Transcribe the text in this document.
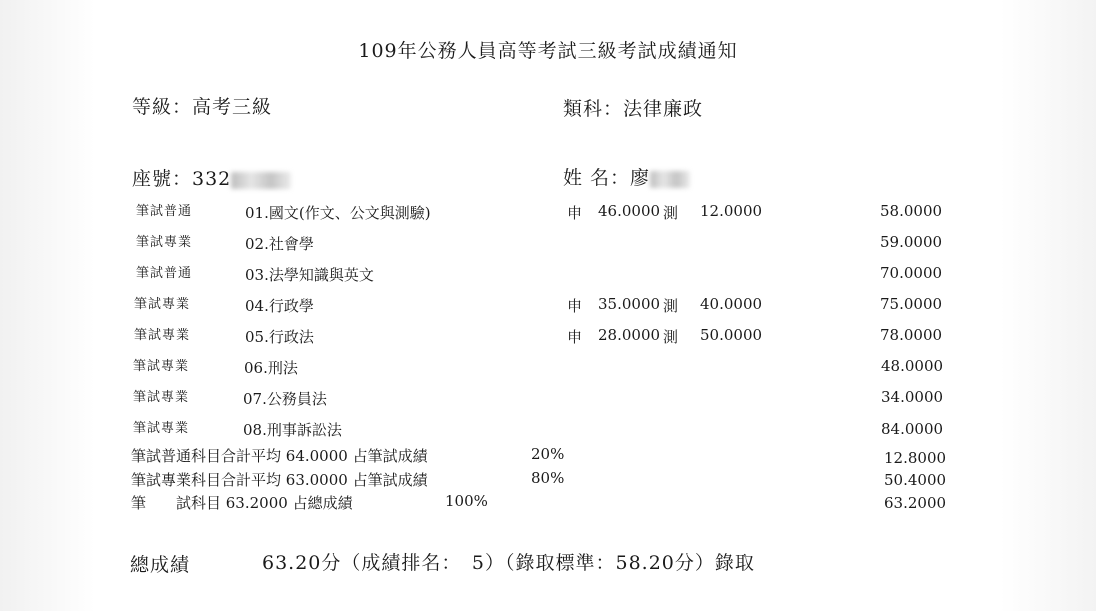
109年公務人員高等考試三級考試成績通知
等級：高考三級	類科：法律廉政
座號：332	姓 名：廖
筆試普通	01.國文(作文、公文與測驗)	申 46.0000 測 12.0000	58.0000
筆試專業	02.社會學	59.0000
筆試普通	03.法學知識與英文	70.0000
筆試專業	04.行政學	申 35.0000 測 40.0000	75.0000
筆試專業	05.行政法	申 28.0000 測 50.0000	78.0000
筆試專業	06.刑法	48.0000
筆試專業	07.公務員法	34.0000
筆試專業	08.刑事訴訟法	84.0000
筆試普通科目合計平均 64.0000 占筆試成績	20%	12.8000
筆試專業科目合計平均 63.0000 占筆試成績	80%	50.4000
筆　　試科目 63.2000 占總成績	100%	63.2000
總成績	63.20分（成績排名：　5）（錄取標準：58.20分）錄取
